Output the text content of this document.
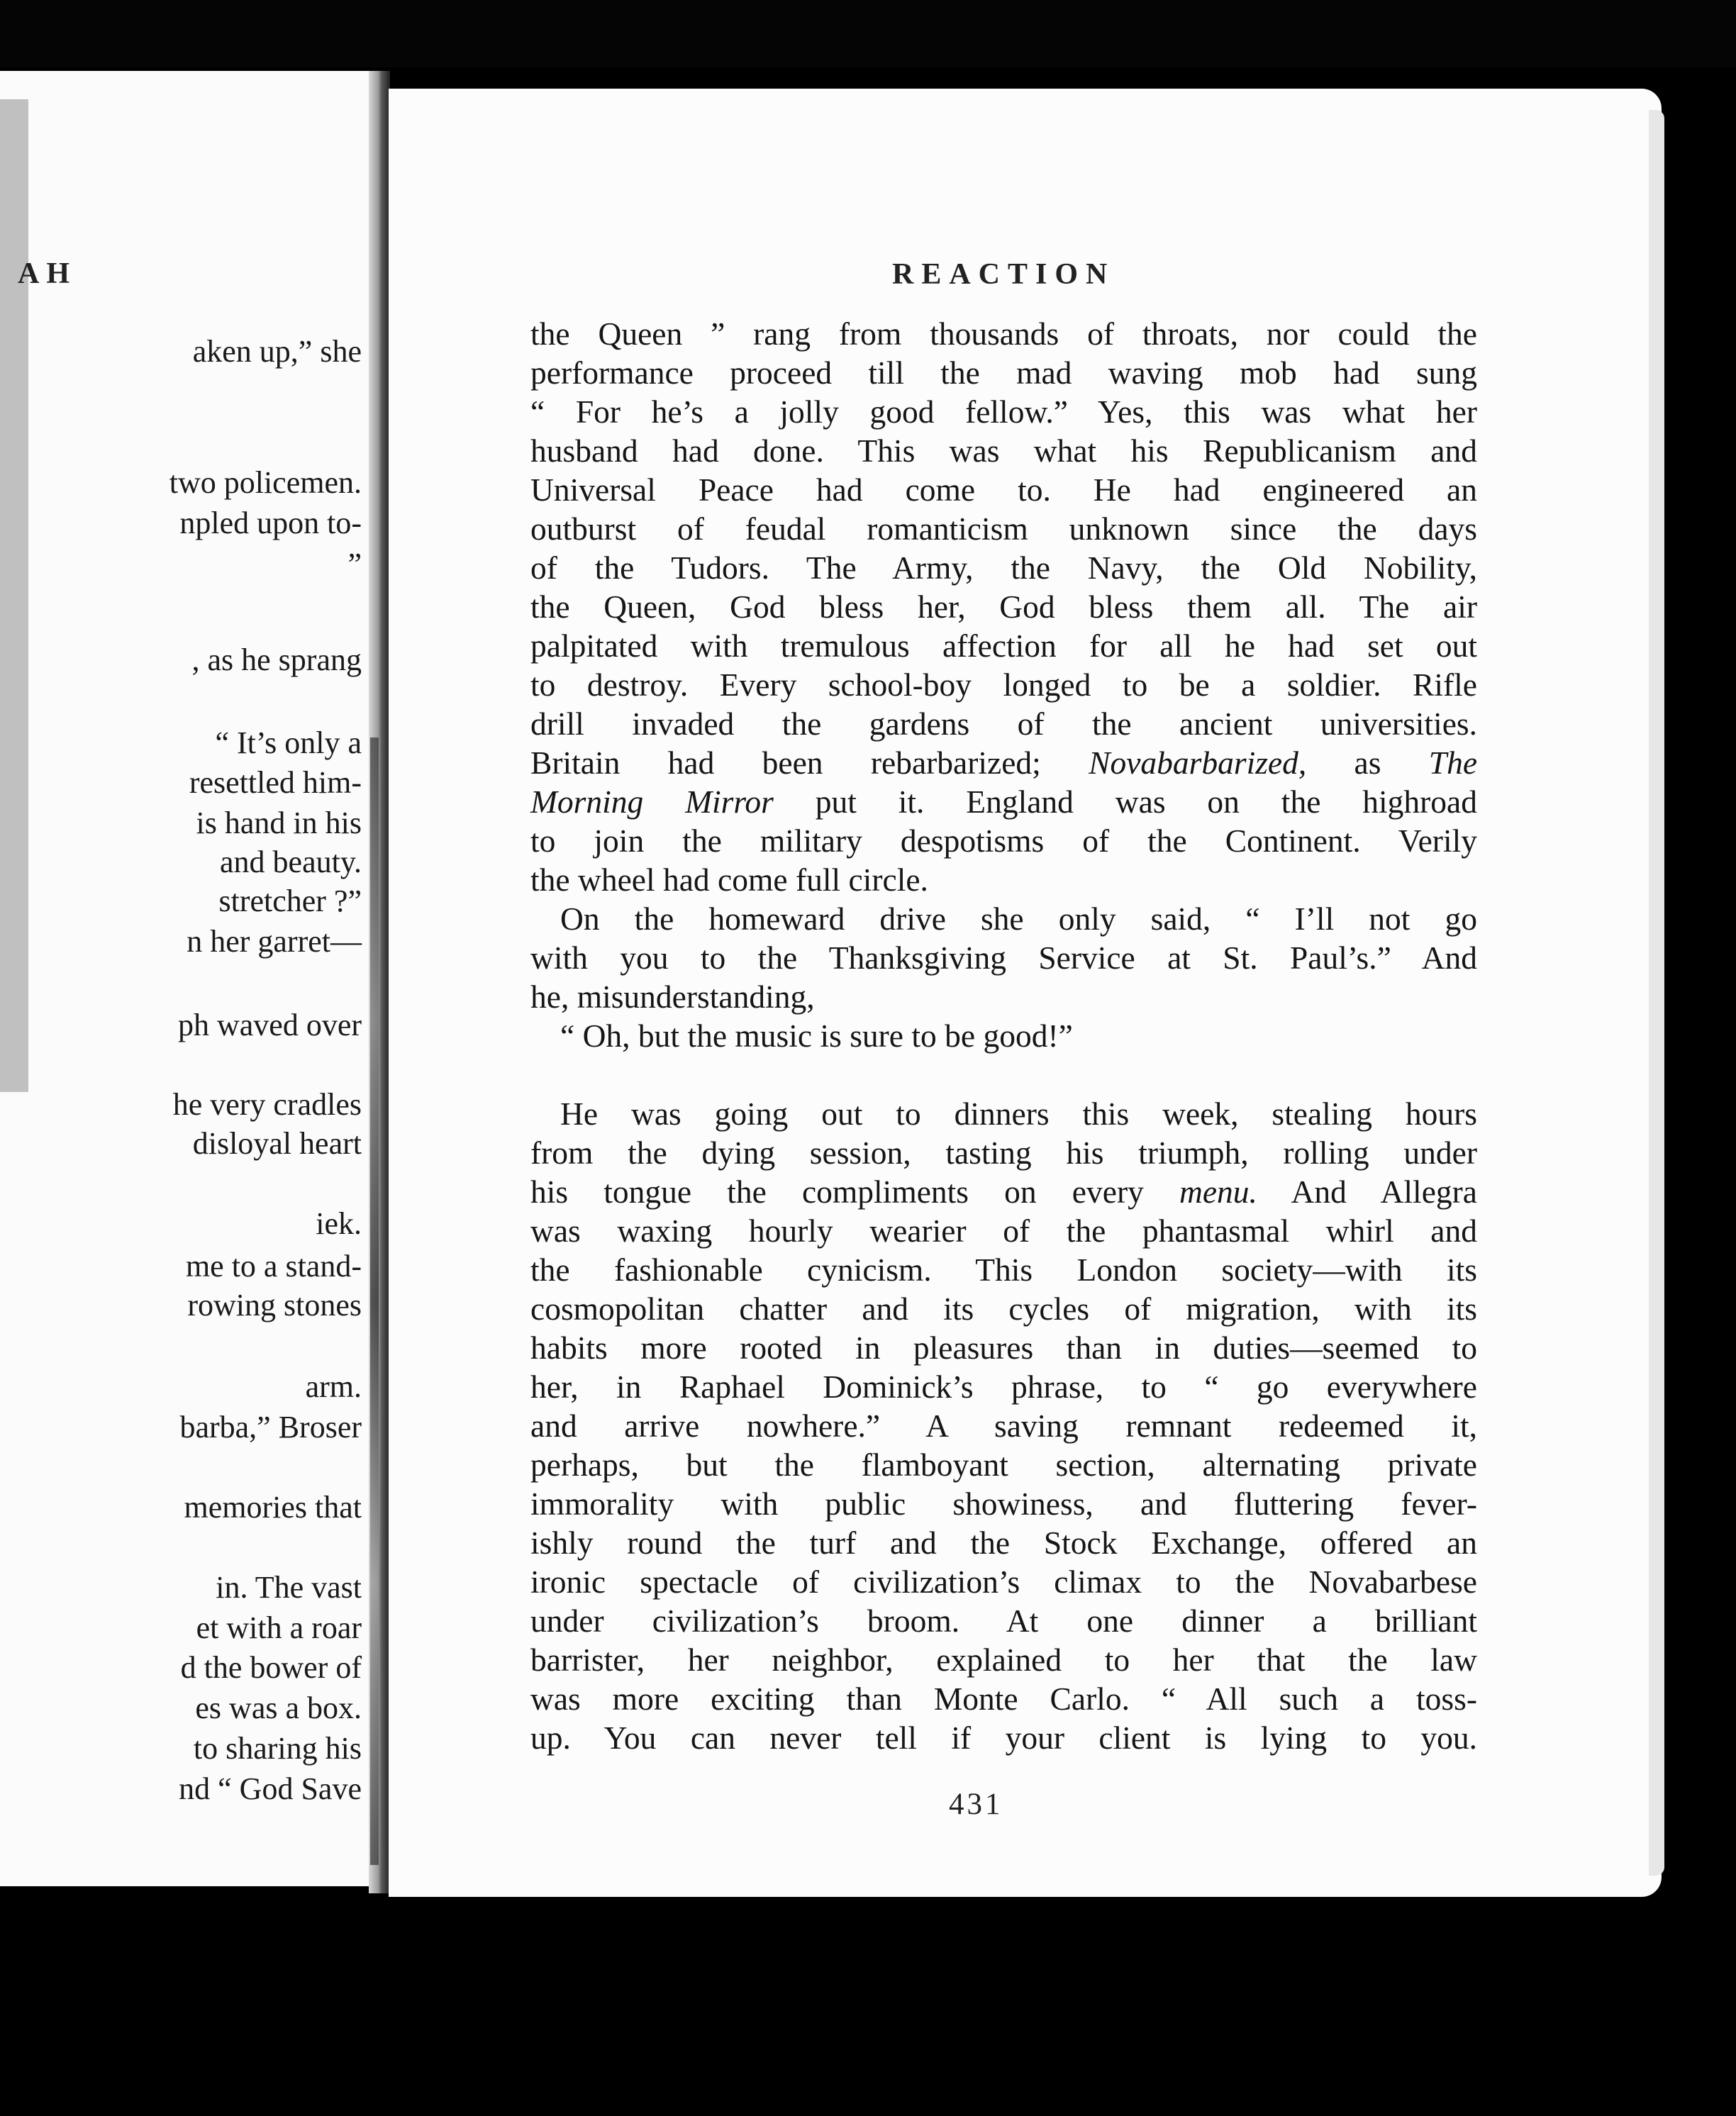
AH
aken up,” she
two policemen.
npled upon to-
”
, as he sprang
“ It’s only a
resettled him-
is hand in his
and beauty.
stretcher ?”
n her garret—
ph waved over
he very cradles
disloyal heart
iek.
me to a stand-
rowing stones
arm.
barba,” Broser
memories that
in. The vast
et with a roar
d the bower of
es was a box.
to sharing his
nd “ God Save
REACTION
the Queen ” rang from thousands of throats, nor could the
performance proceed till the mad waving mob had sung
“ For he’s a jolly good fellow.” Yes, this was what her
husband had done. This was what his Republicanism and
Universal Peace had come to. He had engineered an
outburst of feudal romanticism unknown since the days
of the Tudors. The Army, the Navy, the Old Nobility,
the Queen, God bless her, God bless them all. The air
palpitated with tremulous affection for all he had set out
to destroy. Every school-boy longed to be a soldier. Rifle
drill invaded the gardens of the ancient universities.
Britain had been rebarbarized; Novabarbarized, as The
Morning Mirror put it. England was on the highroad
to join the military despotisms of the Continent. Verily
the wheel had come full circle.
On the homeward drive she only said, “ I’ll not go
with you to the Thanksgiving Service at St. Paul’s.” And
he, misunderstanding,
“ Oh, but the music is sure to be good!”
He was going out to dinners this week, stealing hours
from the dying session, tasting his triumph, rolling under
his tongue the compliments on every menu. And Allegra
was waxing hourly wearier of the phantasmal whirl and
the fashionable cynicism. This London society—with its
cosmopolitan chatter and its cycles of migration, with its
habits more rooted in pleasures than in duties—seemed to
her, in Raphael Dominick’s phrase, to “ go everywhere
and arrive nowhere.” A saving remnant redeemed it,
perhaps, but the flamboyant section, alternating private
immorality with public showiness, and fluttering fever-
ishly round the turf and the Stock Exchange, offered an
ironic spectacle of civilization’s climax to the Novabarbese
under civilization’s broom. At one dinner a brilliant
barrister, her neighbor, explained to her that the law
was more exciting than Monte Carlo. “ All such a toss-
up. You can never tell if your client is lying to you.
431
